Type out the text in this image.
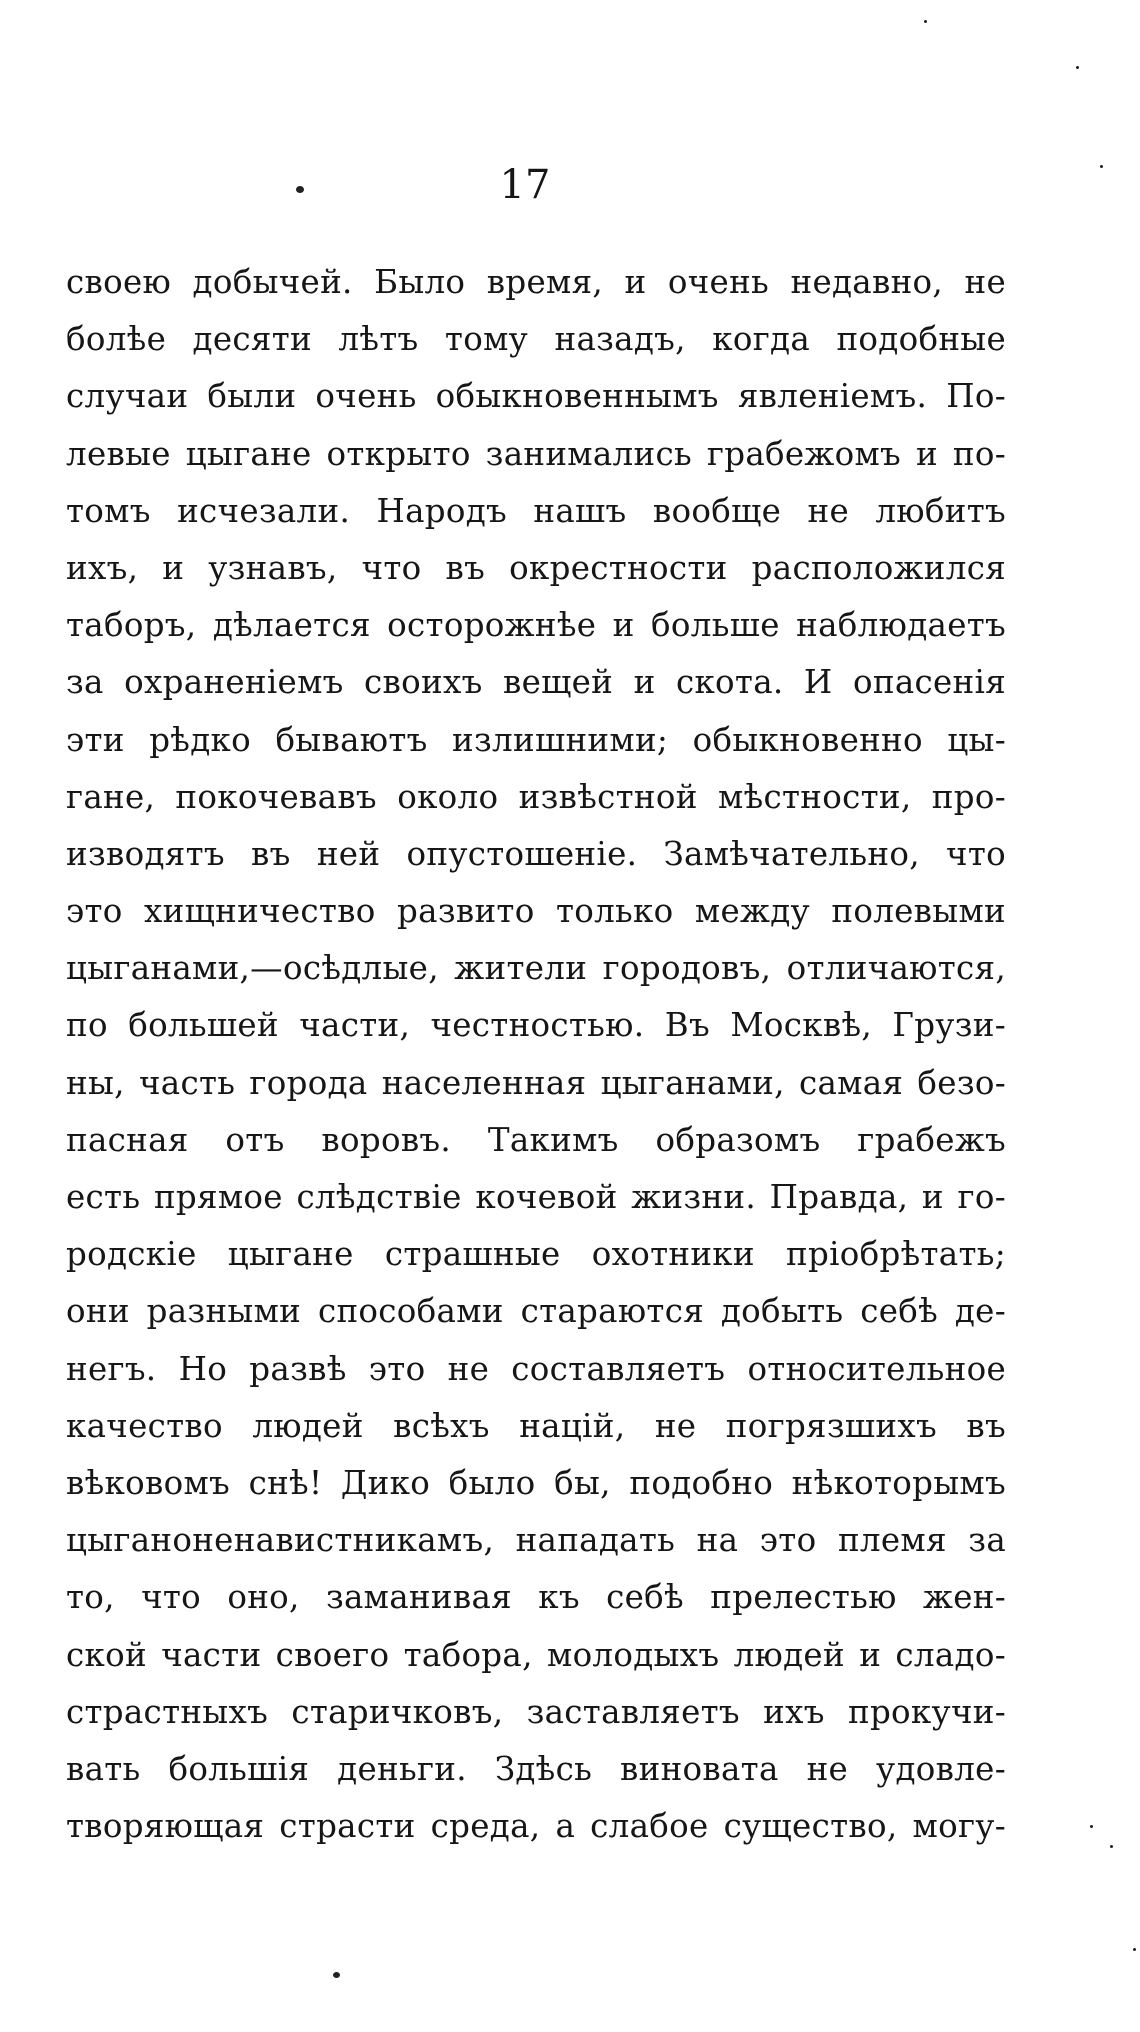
17
своею добычей. Было время, и очень недавно, не
болѣе десяти лѣтъ тому назадъ, когда подобные
случаи были очень обыкновеннымъ явленіемъ. По-
левые цыгане открыто занимались грабежомъ и по-
томъ исчезали. Народъ нашъ вообще не любитъ
ихъ, и узнавъ, что въ окрестности расположился
таборъ, дѣлается осторожнѣе и больше наблюдаетъ
за охраненіемъ своихъ вещей и скота. И опасенія
эти рѣдко бываютъ излишними; обыкновенно цы-
гане, покочевавъ около извѣстной мѣстности, про-
изводятъ въ ней опустошеніе. Замѣчательно, что
это хищничество развито только между полевыми
цыганами,—осѣдлые, жители городовъ, отличаются,
по большей части, честностью. Въ Москвѣ, Грузи-
ны, часть города населенная цыганами, самая безо-
пасная отъ воровъ. Такимъ образомъ грабежъ
есть прямое слѣдствіе кочевой жизни. Правда, и го-
родскіе цыгане страшные охотники пріобрѣтать;
они разными способами стараются добыть себѣ де-
негъ. Но развѣ это не составляетъ относительное
качество людей всѣхъ націй, не погрязшихъ въ
вѣковомъ снѣ! Дико было бы, подобно нѣкоторымъ
цыганоненавистникамъ, нападать на это племя за
то, что оно, заманивая къ себѣ прелестью жен-
ской части своего табора, молодыхъ людей и сладо-
страстныхъ старичковъ, заставляетъ ихъ прокучи-
вать большія деньги. Здѣсь виновата не удовле-
творяющая страсти среда, а слабое существо, могу-
